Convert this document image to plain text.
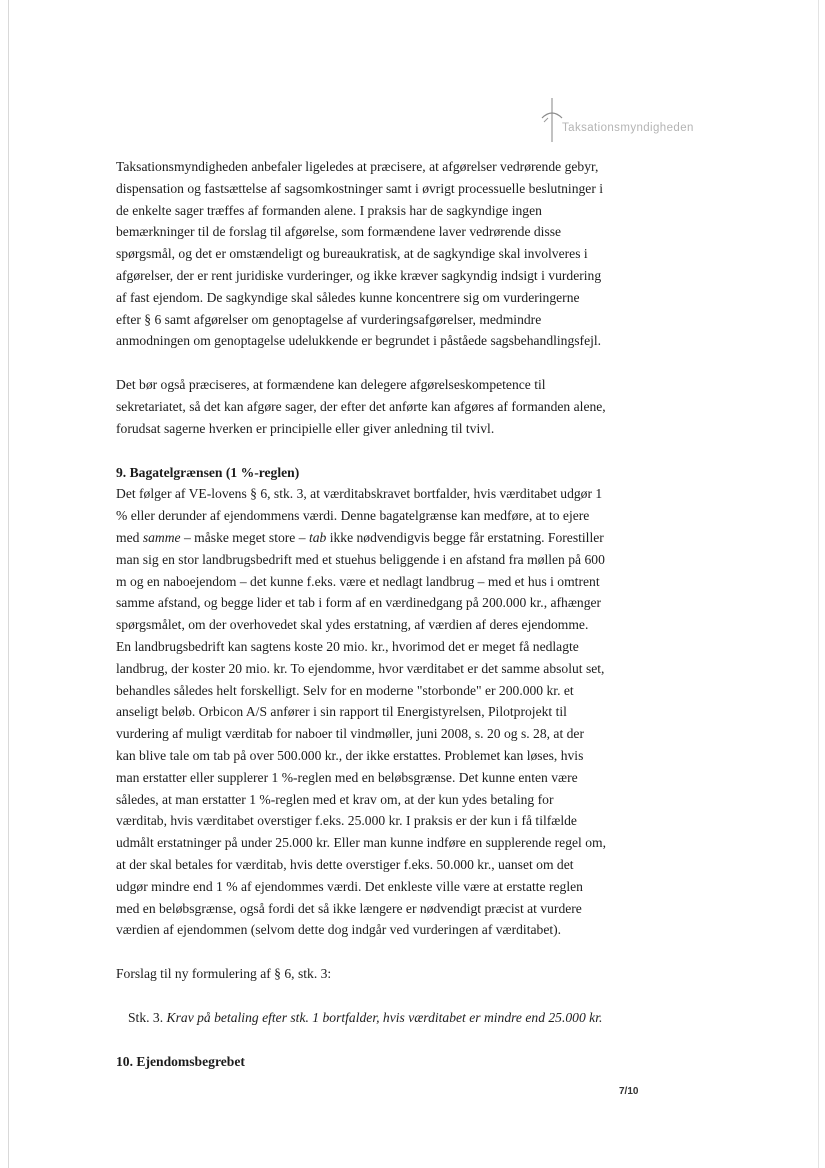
Taksationsmyndigheden

Taksationsmyndigheden anbefaler ligeledes at præcisere, at afgørelser vedrørende gebyr, dispensation og fastsættelse af sagsomkostninger samt i øvrigt processuelle beslutninger i de enkelte sager træffes af formanden alene. I praksis har de sagkyndige ingen bemærkninger til de forslag til afgørelse, som formændene laver vedrørende disse spørgsmål, og det er omstændeligt og bureaukratisk, at de sagkyndige skal involveres i afgørelser, der er rent juridiske vurderinger, og ikke kræver sagkyndig indsigt i vurdering af fast ejendom. De sagkyndige skal således kunne koncentrere sig om vurderingerne efter § 6 samt afgørelser om genoptagelse af vurderingsafgørelser, medmindre anmodningen om genoptagelse udelukkende er begrundet i påståede sagsbehandlingsfejl.

Det bør også præciseres, at formændene kan delegere afgørelseskompetence til sekretariatet, så det kan afgøre sager, der efter det anførte kan afgøres af formanden alene, forudsat sagerne hverken er principielle eller giver anledning til tvivl.

9. Bagatelgrænsen (1 %-reglen)

Det følger af VE-lovens § 6, stk. 3, at værditabskravet bortfalder, hvis værditabet udgør 1 % eller derunder af ejendommens værdi. Denne bagatelgrænse kan medføre, at to ejere med samme – måske meget store – tab ikke nødvendigvis begge får erstatning. Forestiller man sig en stor landbrugsbedrift med et stuehus beliggende i en afstand fra møllen på 600 m og en naboejendom – det kunne f.eks. være et nedlagt landbrug – med et hus i omtrent samme afstand, og begge lider et tab i form af en værdinedgang på 200.000 kr., afhænger spørgsmålet, om der overhovedet skal ydes erstatning, af værdien af deres ejendomme. En landbrugsbedrift kan sagtens koste 20 mio. kr., hvorimod det er meget få nedlagte landbrug, der koster 20 mio. kr. To ejendomme, hvor værditabet er det samme absolut set, behandles således helt forskelligt. Selv for en moderne "storbonde" er 200.000 kr. et anseligt beløb. Orbicon A/S anfører i sin rapport til Energistyrelsen, Pilotprojekt til vurdering af muligt værditab for naboer til vindmøller, juni 2008, s. 20 og s. 28, at der kan blive tale om tab på over 500.000 kr., der ikke erstattes. Problemet kan løses, hvis man erstatter eller supplerer 1 %-reglen med en beløbsgrænse. Det kunne enten være således, at man erstatter 1 %-reglen med et krav om, at der kun ydes betaling for værditab, hvis værditabet overstiger f.eks. 25.000 kr. I praksis er der kun i få tilfælde udmålt erstatninger på under 25.000 kr. Eller man kunne indføre en supplerende regel om, at der skal betales for værditab, hvis dette overstiger f.eks. 50.000 kr., uanset om det udgør mindre end 1 % af ejendommes værdi. Det enkleste ville være at erstatte reglen med en beløbsgrænse, også fordi det så ikke længere er nødvendigt præcist at vurdere værdien af ejendommen (selvom dette dog indgår ved vurderingen af værditabet).

Forslag til ny formulering af § 6, stk. 3:

Stk. 3. Krav på betaling efter stk. 1 bortfalder, hvis værditabet er mindre end 25.000 kr.

10. Ejendomsbegrebet

7/10
